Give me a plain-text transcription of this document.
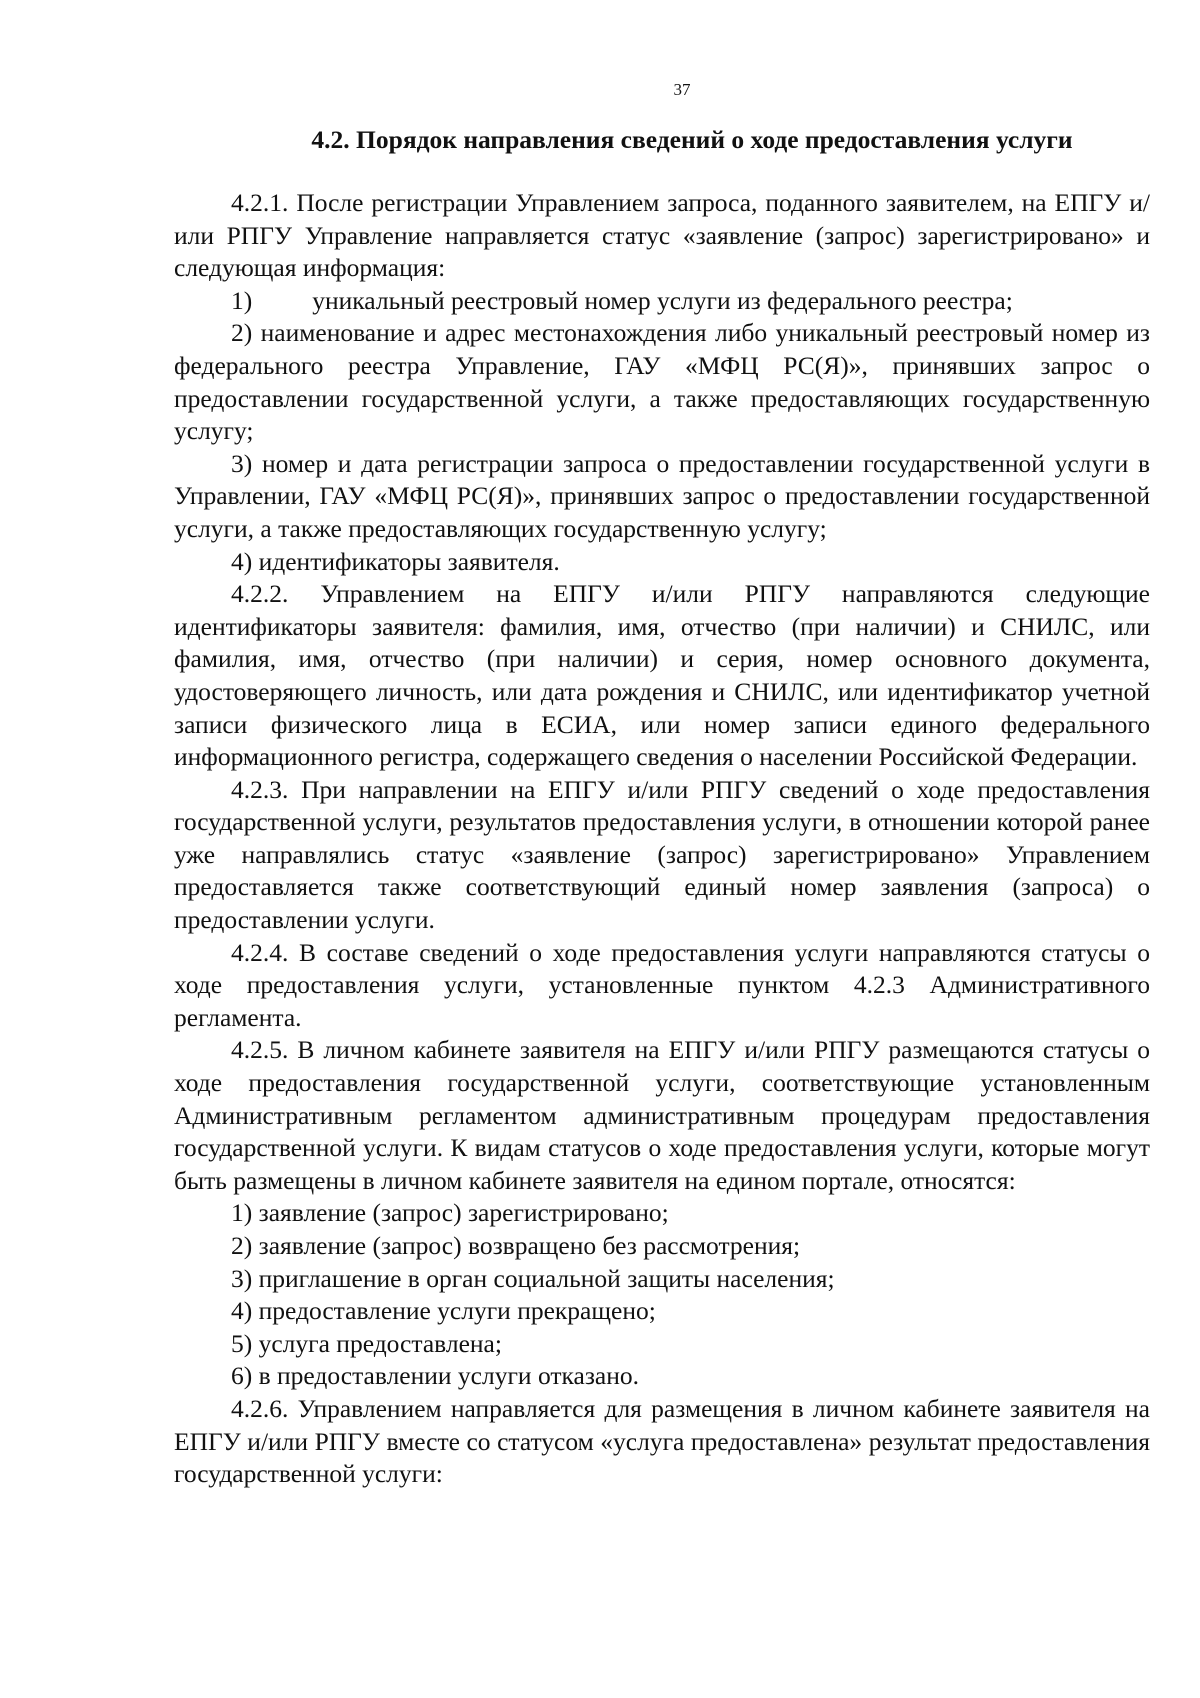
37
4.2. Порядок направления сведений о ходе предоставления услуги

4.2.1. После регистрации Управлением запроса, поданного заявителем, на ЕПГУ и/или РПГУ Управление направляется статус «заявление (запрос) зарегистрировано» и следующая информация:

1) уникальный реестровый номер услуги из федерального реестра;

2) наименование и адрес местонахождения либо уникальный реестровый номер из федерального реестра Управление, ГАУ «МФЦ РС(Я)», принявших запрос о предоставлении государственной услуги, а также предоставляющих государственную услугу;

3) номер и дата регистрации запроса о предоставлении государственной услуги в Управлении, ГАУ «МФЦ РС(Я)», принявших запрос о предоставлении государственной услуги, а также предоставляющих государственную услугу;

4) идентификаторы заявителя.

4.2.2. Управлением на ЕПГУ и/или РПГУ направляются следующие идентификаторы заявителя: фамилия, имя, отчество (при наличии) и СНИЛС, или фамилия, имя, отчество (при наличии) и серия, номер основного документа, удостоверяющего личность, или дата рождения и СНИЛС, или идентификатор учетной записи физического лица в ЕСИА, или номер записи единого федерального информационного регистра, содержащего сведения о населении Российской Федерации.

4.2.3. При направлении на ЕПГУ и/или РПГУ сведений о ходе предоставления государственной услуги, результатов предоставления услуги, в отношении которой ранее уже направлялись статус «заявление (запрос) зарегистрировано» Управлением предоставляется также соответствующий единый номер заявления (запроса) о предоставлении услуги.

4.2.4. В составе сведений о ходе предоставления услуги направляются статусы о ходе предоставления услуги, установленные пунктом 4.2.3 Административного регламента.

4.2.5. В личном кабинете заявителя на ЕПГУ и/или РПГУ размещаются статусы о ходе предоставления государственной услуги, соответствующие установленным Административным регламентом административным процедурам предоставления государственной услуги. К видам статусов о ходе предоставления услуги, которые могут быть размещены в личном кабинете заявителя на едином портале, относятся:

1) заявление (запрос) зарегистрировано;

2) заявление (запрос) возвращено без рассмотрения;

3) приглашение в орган социальной защиты населения;

4) предоставление услуги прекращено;

5) услуга предоставлена;

6) в предоставлении услуги отказано.

4.2.6. Управлением направляется для размещения в личном кабинете заявителя на ЕПГУ и/или РПГУ вместе со статусом «услуга предоставлена» результат предоставления государственной услуги:
